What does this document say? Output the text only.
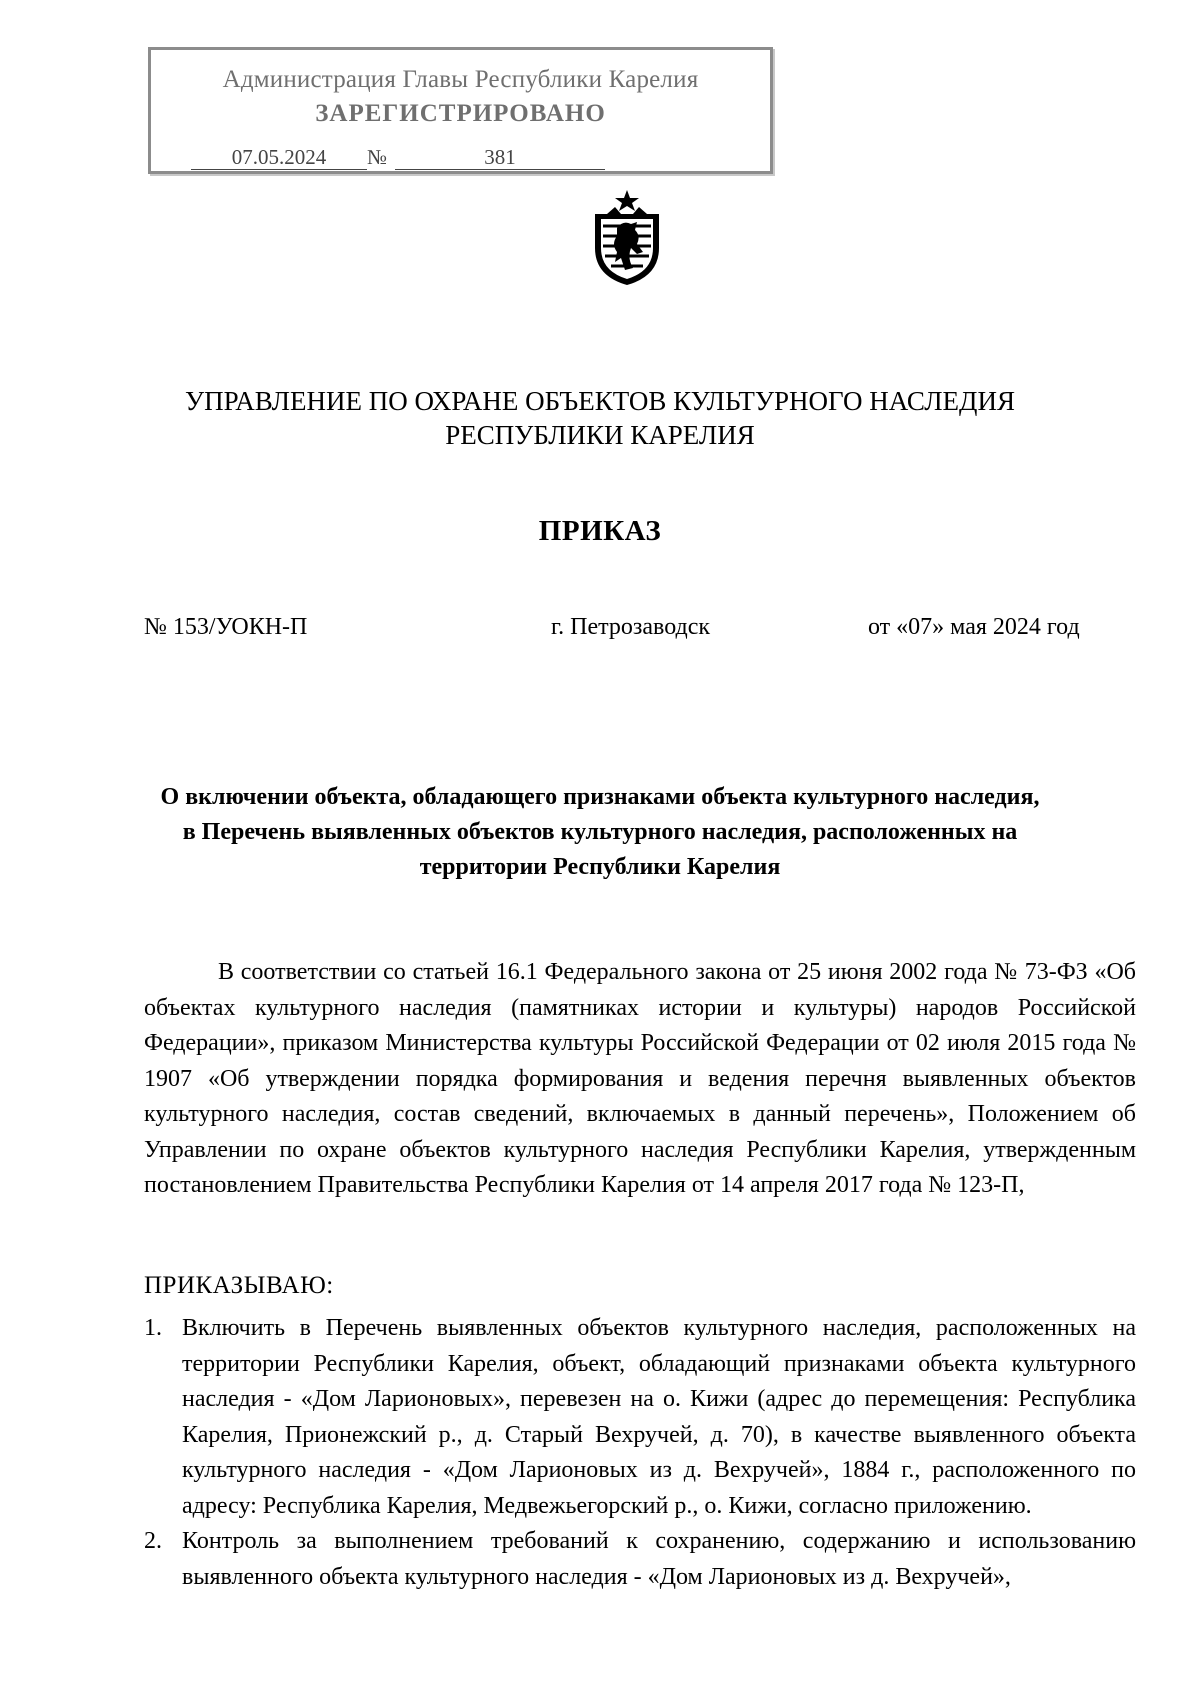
Администрация Главы Республики Карелия
ЗАРЕГИСТРИРОВАНО
07.05.2024	№	381
УПРАВЛЕНИЕ ПО ОХРАНЕ ОБЪЕКТОВ КУЛЬТУРНОГО НАСЛЕДИЯ
РЕСПУБЛИКИ КАРЕЛИЯ
ПРИКАЗ
№ 153/УОКН-П	г. Петрозаводск	от «07» мая 2024 год
О включении объекта, обладающего признаками объекта культурного наследия,
в Перечень выявленных объектов культурного наследия, расположенных на
территории Республики Карелия

В соответствии со статьей 16.1 Федерального закона от 25 июня 2002 года № 73-ФЗ «Об объектах культурного наследия (памятниках истории и культуры) народов Российской Федерации», приказом Министерства культуры Российской Федерации от 02 июля 2015 года № 1907 «Об утверждении порядка формирования и ведения перечня выявленных объектов культурного наследия, состав сведений, включаемых в данный перечень», Положением об Управлении по охране объектов культурного наследия Республики Карелия, утвержденным постановлением Правительства Республики Карелия от 14 апреля 2017 года № 123-П,

ПРИКАЗЫВАЮ:
1. Включить в Перечень выявленных объектов культурного наследия, расположенных на территории Республики Карелия, объект, обладающий признаками объекта культурного наследия - «Дом Ларионовых», перевезен на о. Кижи (адрес до перемещения: Республика Карелия, Прионежский р., д. Старый Вехручей, д. 70), в качестве выявленного объекта культурного наследия - «Дом Ларионовых из д. Вехручей», 1884 г., расположенного по адресу: Республика Карелия, Медвежьегорский р., о. Кижи, согласно приложению.
2. Контроль за выполнением требований к сохранению, содержанию и использованию выявленного объекта культурного наследия - «Дом Ларионовых из д. Вехручей»,
